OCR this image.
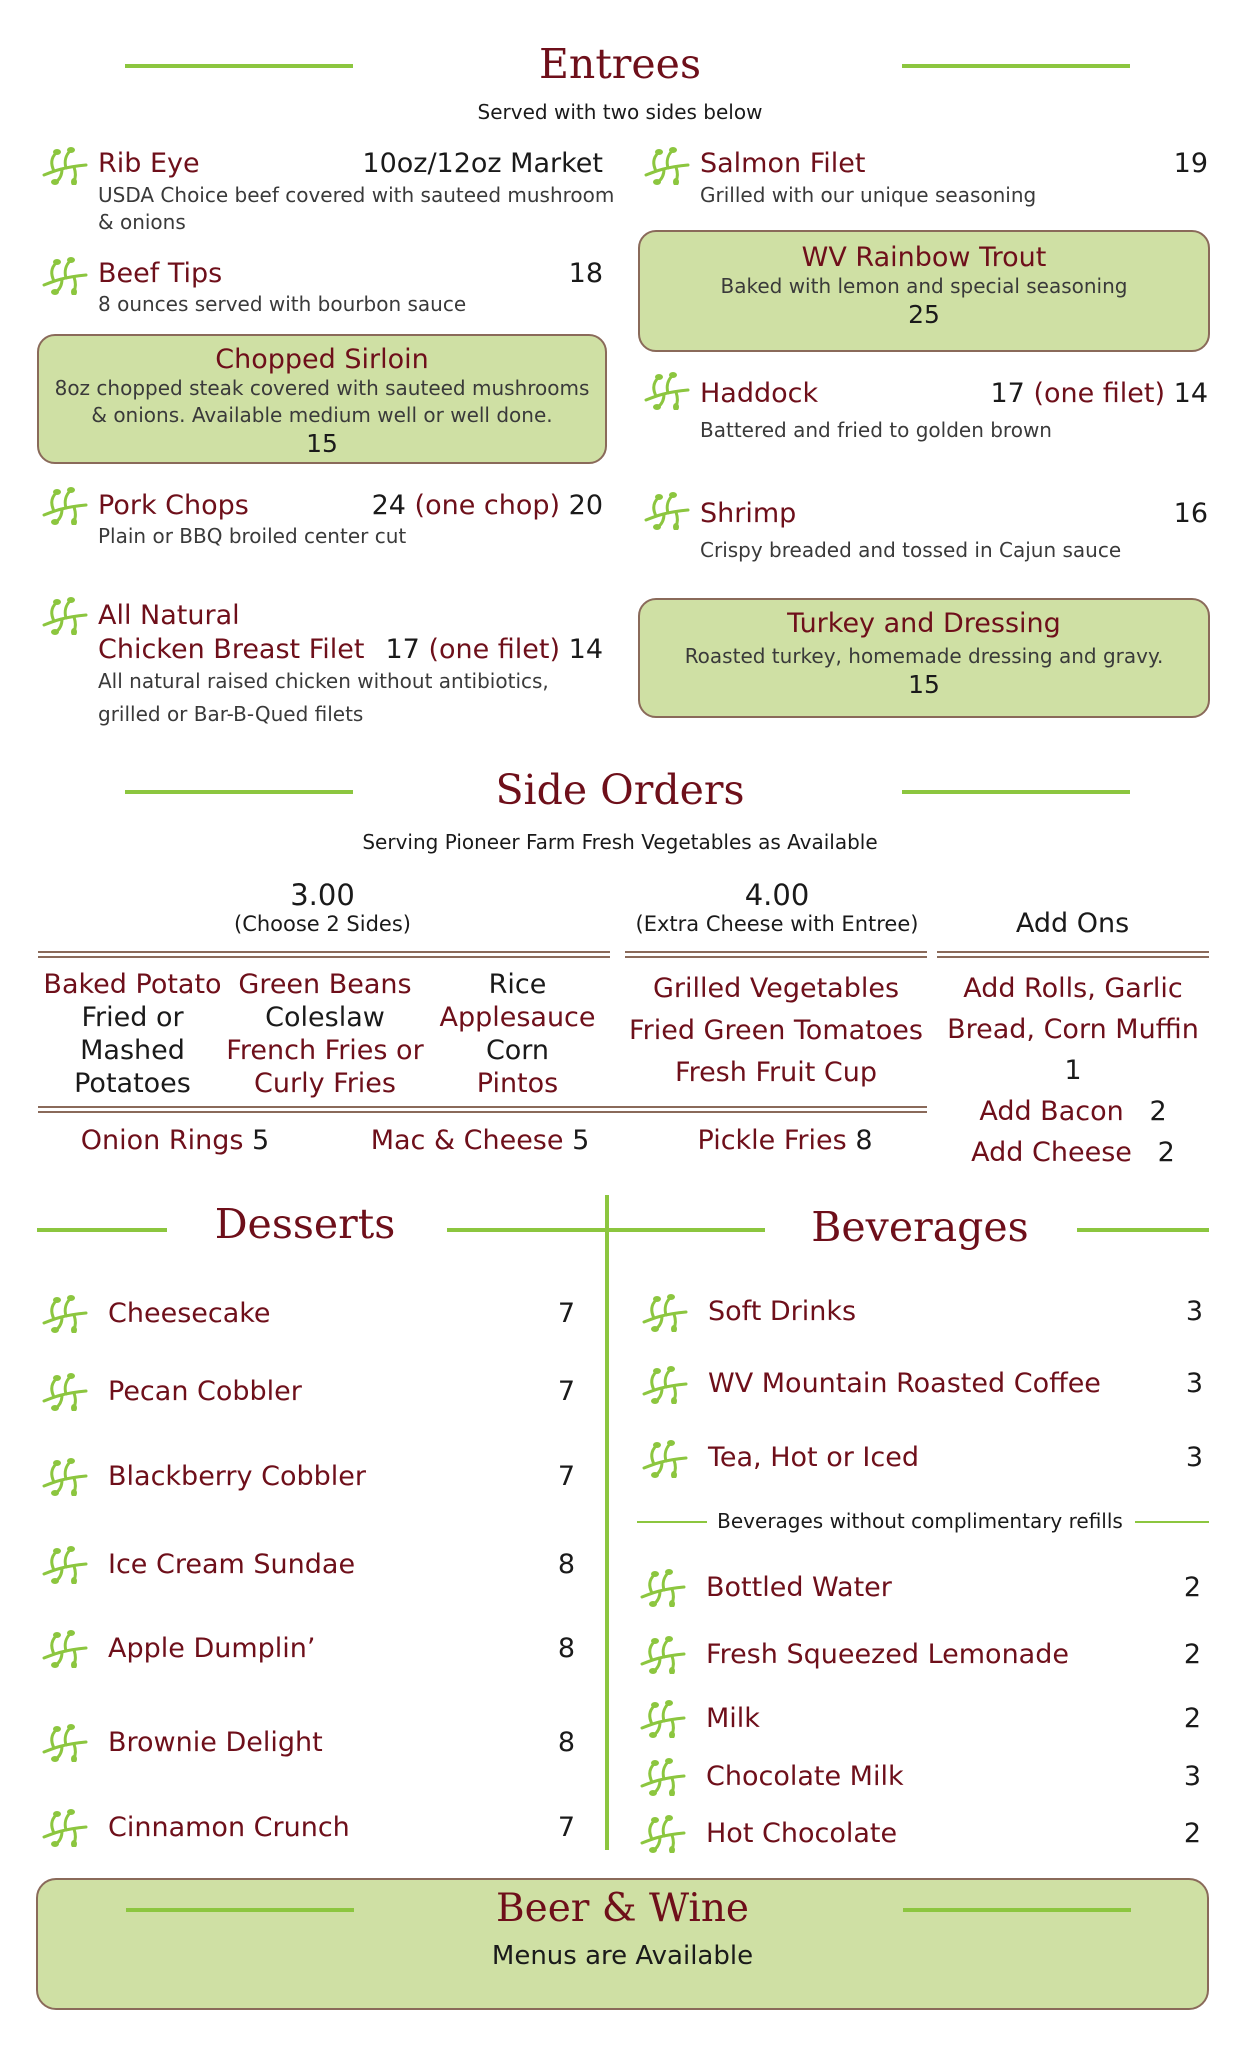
Entrees
Served with two sides below
Rib Eye	10oz/12oz Market
USDA Choice beef covered with sauteed mushroom & onions
Beef Tips	18
8 ounces served with bourbon sauce
Chopped Sirloin
8oz chopped steak covered with sauteed mushrooms & onions. Available medium well or well done.
15
Pork Chops	24 (one chop) 20
Plain or BBQ broiled center cut
All Natural
Chicken Breast Filet 17 (one filet) 14
All natural raised chicken without antibiotics,
grilled or Bar-B-Qued filets
Salmon Filet	19
Grilled with our unique seasoning
WV Rainbow Trout
Baked with lemon and special seasoning
25
Haddock	17 (one filet) 14
Battered and fried to golden brown
Shrimp	16
Crispy breaded and tossed in Cajun sauce
Turkey and Dressing
Roasted turkey, homemade dressing and gravy.
15
Side Orders
Serving Pioneer Farm Fresh Vegetables as Available
3.00
(Choose 2 Sides)
4.00
(Extra Cheese with Entree)	Add Ons
Baked Potato
Fried or
Mashed
Potatoes
Green Beans
Coleslaw
French Fries or
Curly Fries
Rice
Applesauce
Corn
Pintos
Grilled Vegetables
Fried Green Tomatoes
Fresh Fruit Cup
Add Rolls, Garlic
Bread, Corn Muffin 1
Add Bacon 2
Add Cheese 2
Onion Rings 5	Mac & Cheese 5	Pickle Fries 8
Desserts	Beverages
Cheesecake	7
Pecan Cobbler	7
Blackberry Cobbler	7
Ice Cream Sundae	8
Apple Dumplin’	8
Brownie Delight	8
Cinnamon Crunch	7
Soft Drinks	3
WV Mountain Roasted Coffee	3
Tea, Hot or Iced	3
Beverages without complimentary refills
Bottled Water	2
Fresh Squeezed Lemonade	2
Milk	2
Chocolate Milk	3
Hot Chocolate	2
Beer & Wine
Menus are Available
